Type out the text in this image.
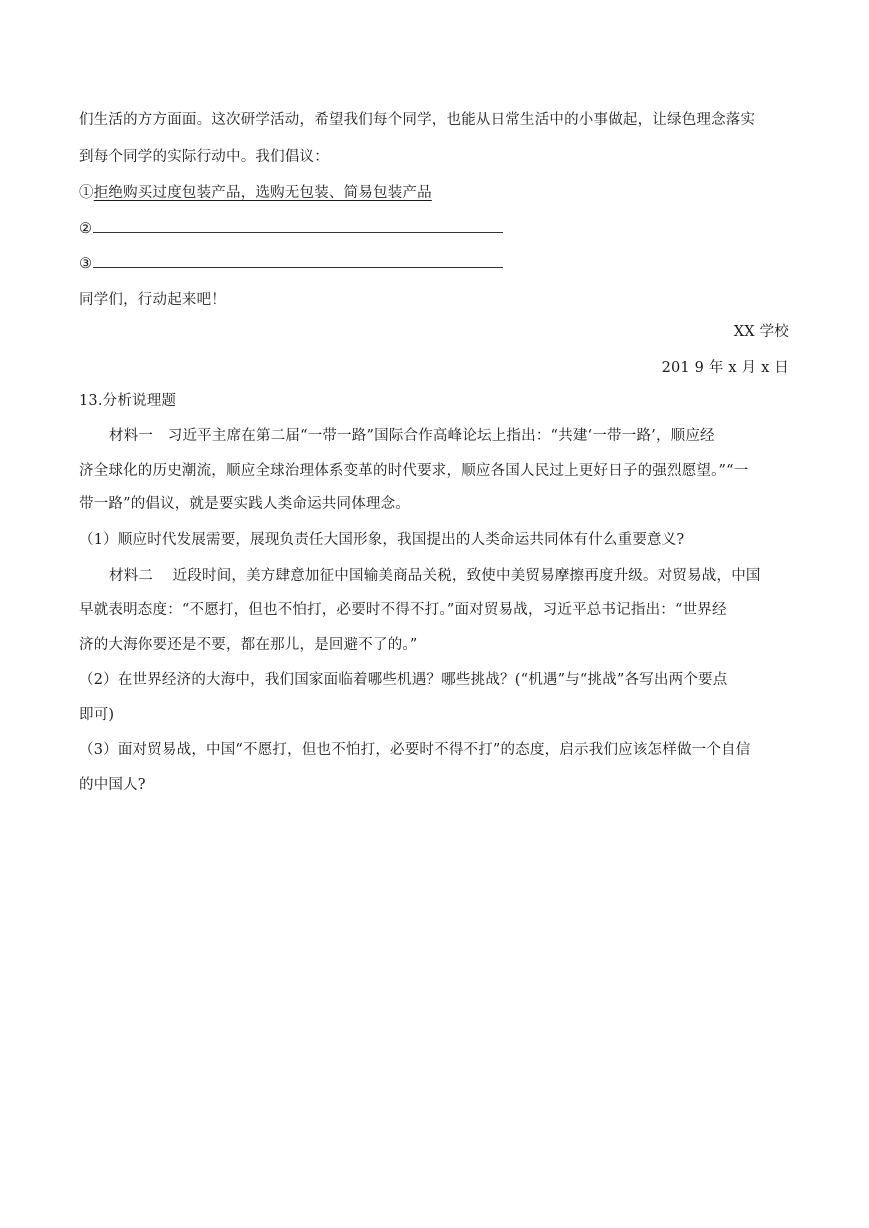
们生活的方方面面。这次研学活动，希望我们每个同学，也能从日常生活中的小事做起，让绿色理念落实
到每个同学的实际行动中。我们倡议：
①拒绝购买过度包装产品，选购无包装、简易包装产品
②
③
同学们，行动起来吧！
XX 学校
201 9 年 x 月 x 日
13.分析说理题
材料一　习近平主席在第二届“一带一路”国际合作高峰论坛上指出：“共建‘一带一路’，顺应经
济全球化的历史潮流，顺应全球治理体系变革的时代要求，顺应各国人民过上更好日子的强烈愿望。”“一
带一路”的倡议，就是要实践人类命运共同体理念。
（1）顺应时代发展需要，展现负责任大国形象，我国提出的人类命运共同体有什么重要意义?
材料二　 近段时间，美方肆意加征中国输美商品关税，致使中美贸易摩擦再度升级。对贸易战，中国
早就表明态度：“不愿打，但也不怕打，必要时不得不打。”面对贸易战，习近平总书记指出：“世界经
济的大海你要还是不要，都在那儿，是回避不了的。”
（2）在世界经济的大海中，我们国家面临着哪些机遇？哪些挑战？(“机遇”与“挑战”各写出两个要点
即可)
（3）面对贸易战，中国“不愿打，但也不怕打，必要时不得不打”的态度，启示我们应该怎样做一个自信
的中国人?
